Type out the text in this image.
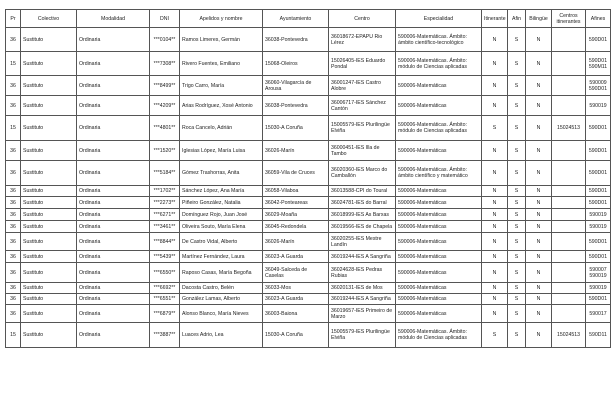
Pr	Colectivo	Modalidad	DNI	Apelidos y nombre	Ayuntamiento	Centro	Especialidad	Itinerante	Afin	Bilingüe	Centros itinerantes	Afines
36	Sustituto	Ordinaria	***0104**	Ramos Limeres, Germán	36038-Pontevedra	36018672-EPAPU Rio Lérez	590006-Matemáticas. Ámbito: ámbito científico-tecnológico	N	S	N		590D01

15	Sustituto	Ordinaria	***7308**	Rivero Fuentes, Emiliano	15068-Oleiros	15026405-IES Eduardo Pondal	590006-Matemáticas. Ámbito: módulo de Ciencias aplicadas	N	S	N		590D01
590M11

36	Sustituto	Ordinaria	***8499**	Trigo Carro, María	36060-Vilagarcía de Arousa	36001247-IES Castro Alobre	590006-Matemáticas	N	S	N		590009
590D01

36	Sustituto	Ordinaria	***4209**	Arias Rodríguez, Xosé Antonio	36038-Pontevedra	36006717-IES Sánchez Cantón	590006-Matemáticas	N	S	N		590019

15	Sustituto	Ordinaria	***4801**	Roca Cancelo, Adrián	15030-A Coruña	15005579-IES Plurilingüe Elviña	590006-Matemáticas. Ámbito: módulo de Ciencias aplicadas	S	S	N	15024513	590D01

36	Sustituto	Ordinaria	***1520**	Iglesias López, María Luisa	36026-Marín	36000451-IES Illa de Tambo	590006-Matemáticas	N	S	N		590D01

36	Sustituto	Ordinaria	***5184**	Gómez Trashorras, Anita	36059-Vila de Cruces	36020360-IES Marco do Camballón	590006-Matemáticas. Ámbito: ámbito científico y matemático	N	S	N		590D01

36	Sustituto	Ordinaria	***1702**	Sánchez López, Ana María	36058-Vilaboa	36013588-CPI do Toural	590006-Matemáticas	N	S	N		590D01

36	Sustituto	Ordinaria	***2273**	Piñeiro González, Natalia	36042-Ponteareas	36024781-IES do Barral	590006-Matemáticas	N	S	N		590D01

36	Sustituto	Ordinaria	***6271**	Domínguez Rojo, Juan José	36029-Moaña	36018999-IES As Barxas	590006-Matemáticas	N	S	N		590019

36	Sustituto	Ordinaria	***3461**	Oliveira Souto, María Elena	36045-Redondela	36019566-IES de Chapela	590006-Matemáticas	N	S	N		590019

36	Sustituto	Ordinaria	***8844**	De Castro Vidal, Alberto	36026-Marín	36020255-IES Mestre Landín	590006-Matemáticas	N	S	N		590D01

36	Sustituto	Ordinaria	***5439**	Martínez Fernández, Laura	36023-A Guarda	36019244-IES A Sangriña	590006-Matemáticas	N	S	N		590D01

36	Sustituto	Ordinaria	***6550**	Raposo Casas, María Begoña	36049-Salceda de Caselas	36024628-IES Pedras Rubias	590006-Matemáticas	N	S	N		590007
590019

36	Sustituto	Ordinaria	***6692**	Dacosta Castro, Belén	36033-Mos	36020131-IES de Mos	590006-Matemáticas	N	S	N		590019

36	Sustituto	Ordinaria	***6551**	González Lamas, Alberto	36023-A Guarda	36019244-IES A Sangriña	590006-Matemáticas	N	S	N		590D01

36	Sustituto	Ordinaria	***6879**	Alonso Blanco, María Nieves	36003-Baiona	36019657-IES Primeiro de Marzo	590006-Matemáticas	N	S	N		590017

15	Sustituto	Ordinaria	***3887**	Luaces Adrio, Lea	15030-A Coruña	15005579-IES Plurilingüe Elviña	590006-Matemáticas. Ámbito: módulo de Ciencias aplicadas	S	S	N	15024513	590D11
